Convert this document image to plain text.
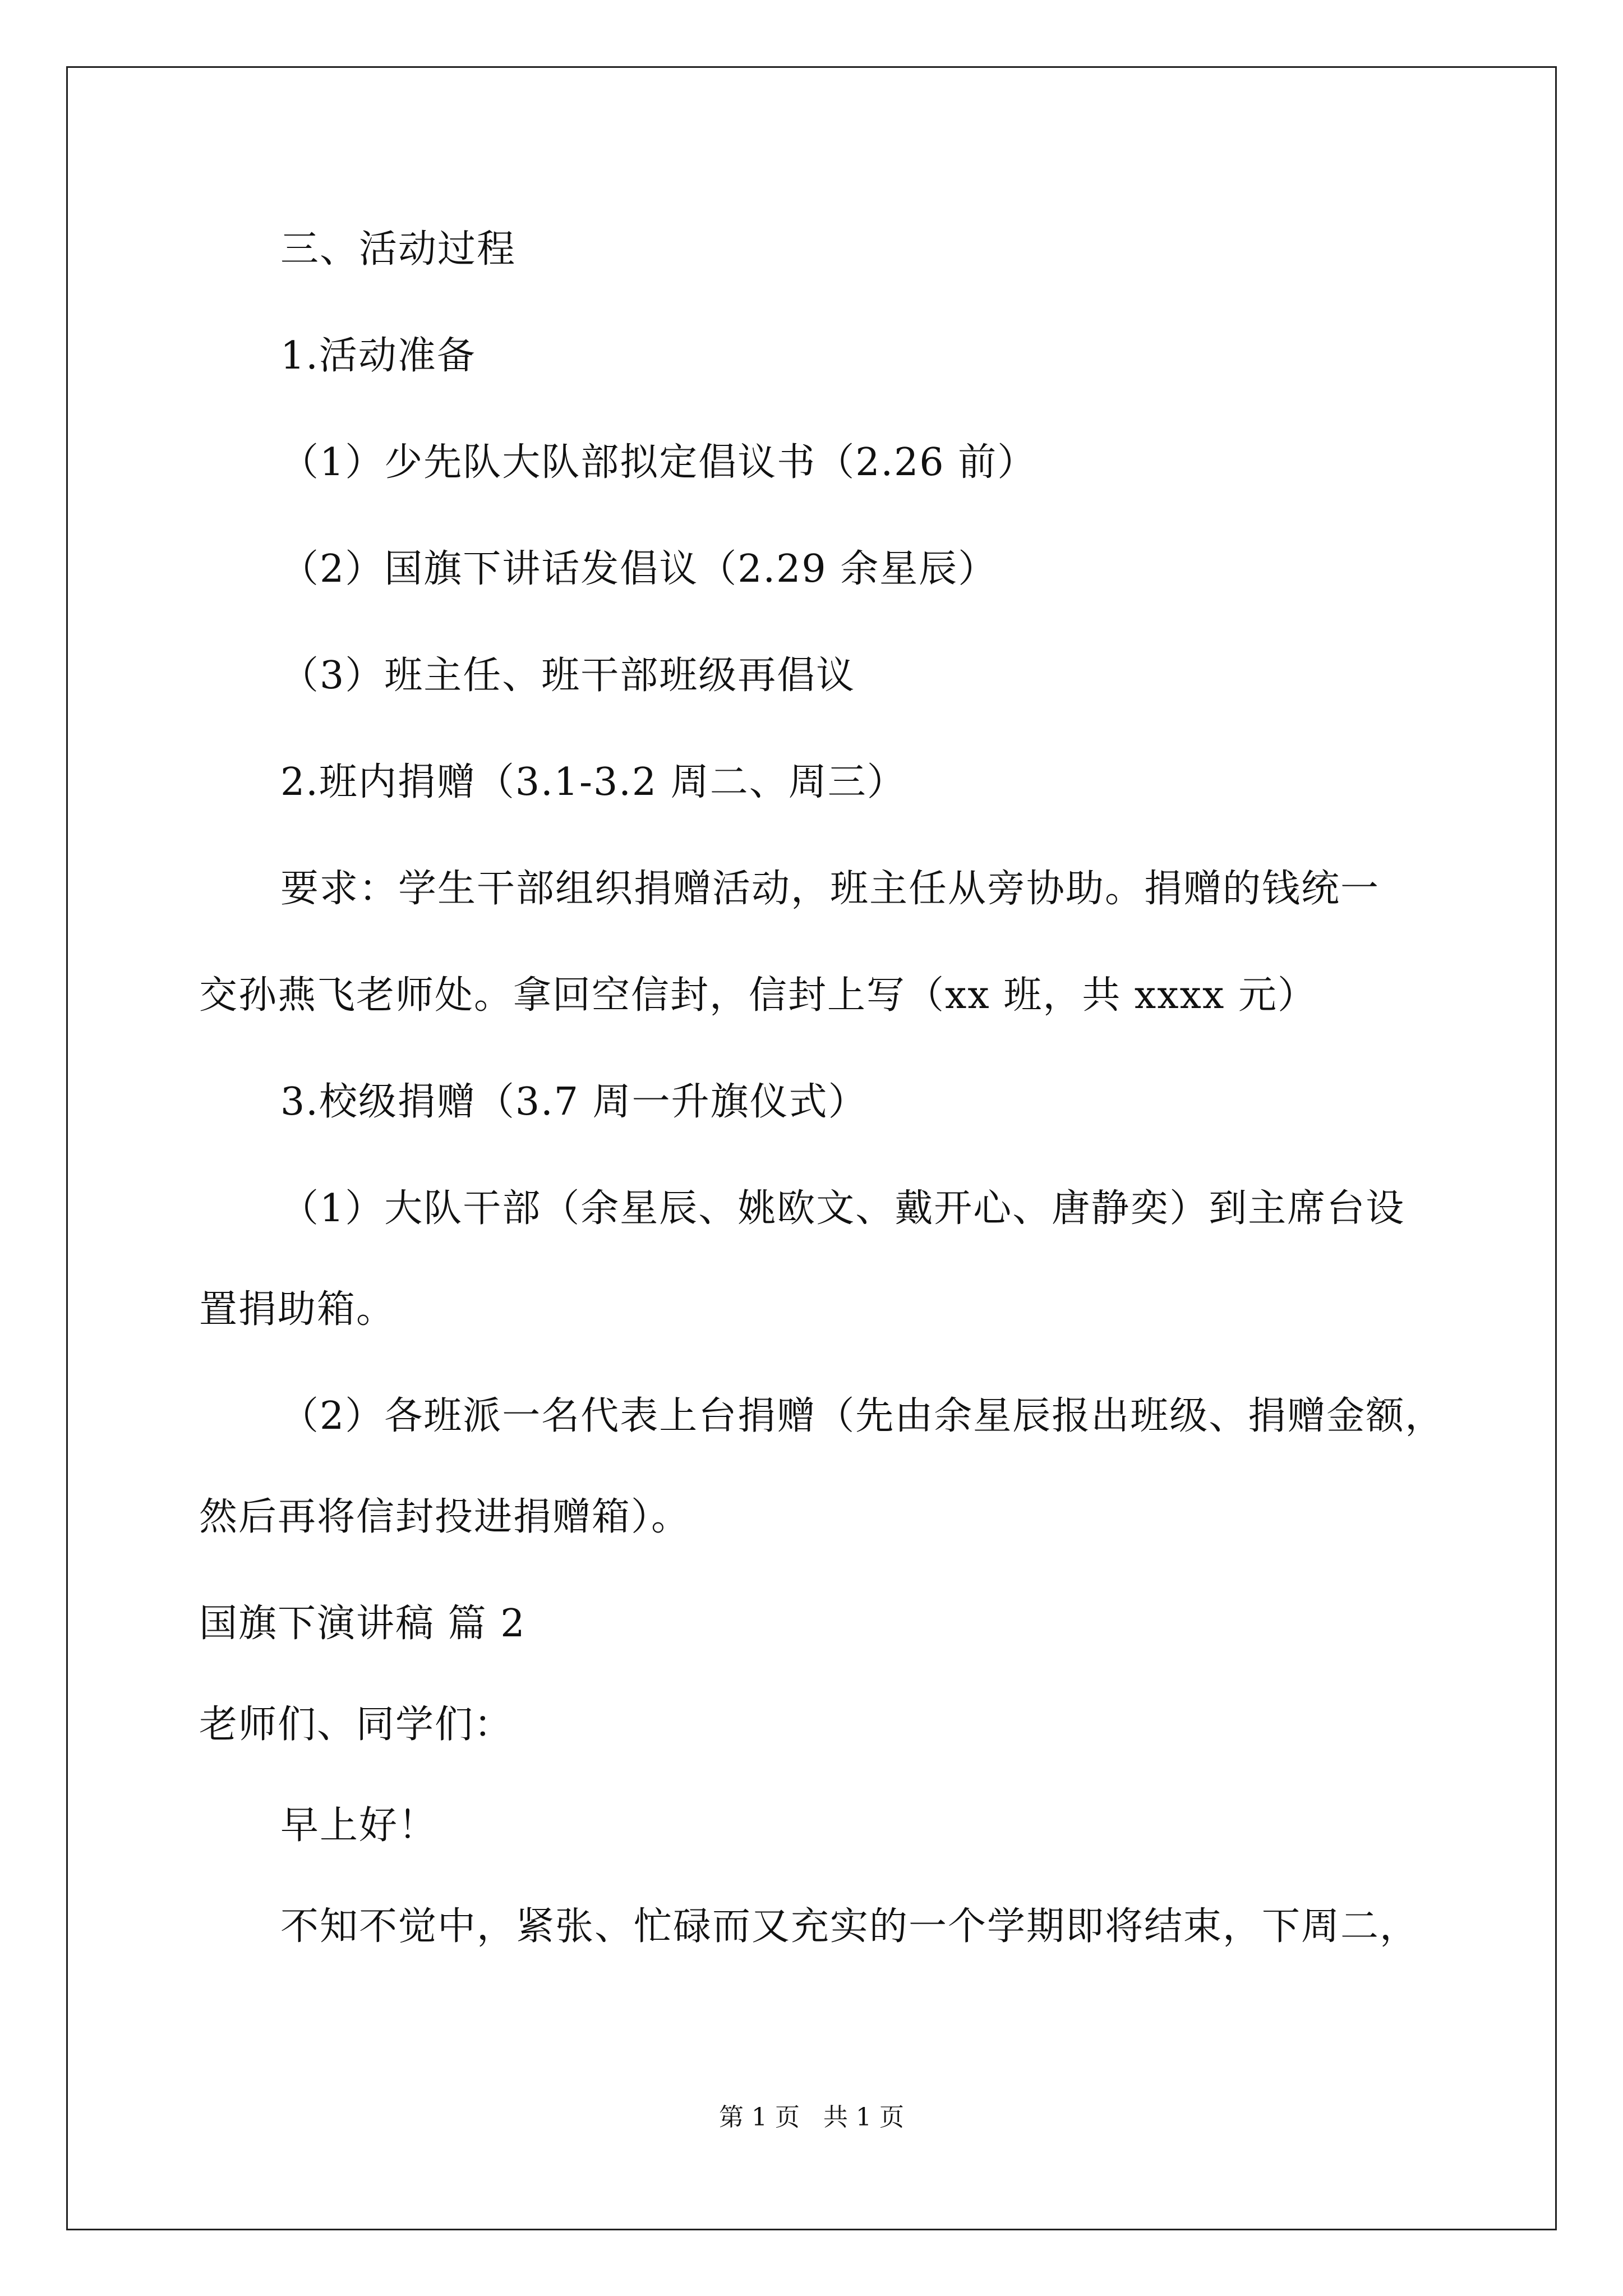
三、活动过程
1.活动准备
（1）少先队大队部拟定倡议书（2.26 前）
（2）国旗下讲话发倡议（2.29 余星辰）
（3）班主任、班干部班级再倡议
2.班内捐赠（3.1-3.2 周二、周三）
要求：学生干部组织捐赠活动，班主任从旁协助。捐赠的钱统一
交孙燕飞老师处。拿回空信封，信封上写（xx 班，共 xxxx 元）
3.校级捐赠（3.7 周一升旗仪式）
（1）大队干部（余星辰、姚欧文、戴开心、唐静奕）到主席台设
置捐助箱。
（2）各班派一名代表上台捐赠（先由余星辰报出班级、捐赠金额，
然后再将信封投进捐赠箱）。
国旗下演讲稿 篇 2
老师们、同学们：
早上好！
不知不觉中，紧张、忙碌而又充实的一个学期即将结束，下周二，
第 1 页   共 1 页
